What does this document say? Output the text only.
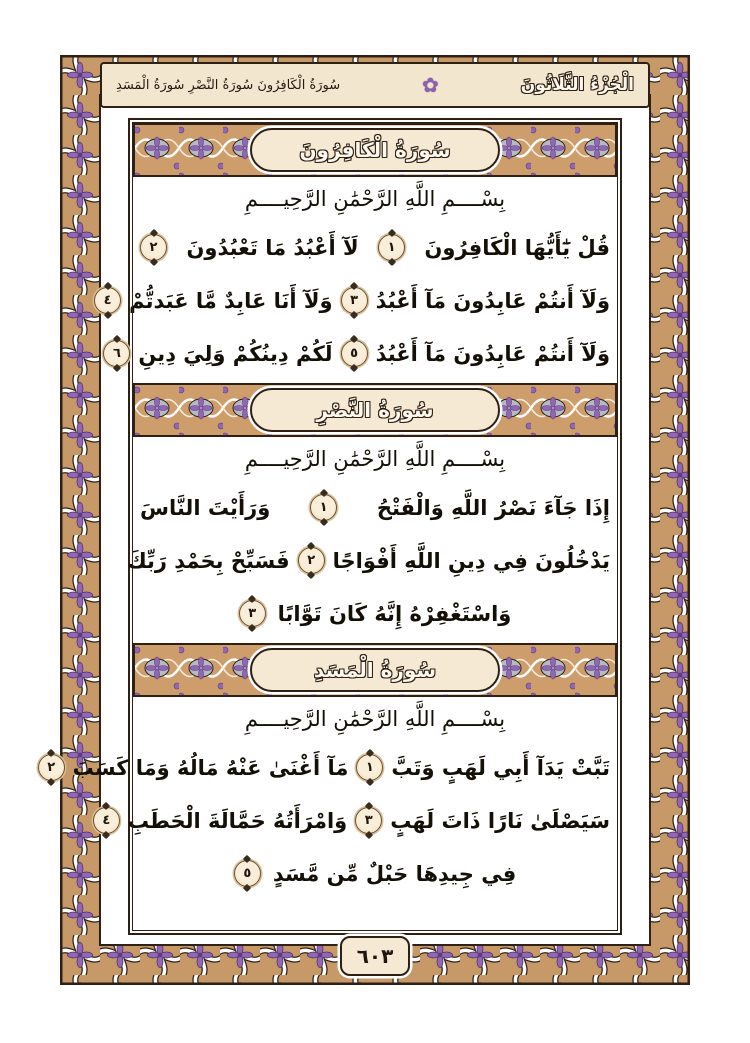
الْجُزْءُ الثَّلَاثُونَ
✿
سُورَةُ الْكَافِرُونَ سُورَةُ النَّصْرِ سُورَةُ الْمَسَدِ
سُورَةُ الْكَافِرُونَ
بِسْــــمِ اللَّهِ الرَّحْمَٰنِ الرَّحِيــــمِ
قُلْ يَٰٓأَيُّهَا الْكَافِرُونَ
١
لَآ أَعْبُدُ مَا تَعْبُدُونَ
٢
وَلَآ أَنتُمْ عَابِدُونَ مَآ أَعْبُدُ
٣
وَلَآ أَنَا عَابِدٌ مَّا عَبَدتُّمْ
٤
وَلَآ أَنتُمْ عَابِدُونَ مَآ أَعْبُدُ
٥
لَكُمْ دِينُكُمْ وَلِيَ دِينِ
٦
سُورَةُ النَّصْرِ
بِسْــــمِ اللَّهِ الرَّحْمَٰنِ الرَّحِيــــمِ
إِذَا جَآءَ نَصْرُ اللَّهِ وَالْفَتْحُ
١
وَرَأَيْتَ النَّاسَ
يَدْخُلُونَ فِي دِينِ اللَّهِ أَفْوَاجًا
٢
فَسَبِّحْ بِحَمْدِ رَبِّكَ
وَاسْتَغْفِرْهُ إِنَّهُ كَانَ تَوَّابًا
٣
سُورَةُ الْمَسَدِ
بِسْــــمِ اللَّهِ الرَّحْمَٰنِ الرَّحِيــــمِ
تَبَّتْ يَدَآ أَبِي لَهَبٍ وَتَبَّ
١
مَآ أَغْنَىٰ عَنْهُ مَالُهُ وَمَا كَسَبَ
٢
سَيَصْلَىٰ نَارًا ذَاتَ لَهَبٍ
٣
وَامْرَأَتُهُ حَمَّالَةَ الْحَطَبِ
٤
فِي جِيدِهَا حَبْلٌ مِّن مَّسَدٍ
٥
٦٠٣
